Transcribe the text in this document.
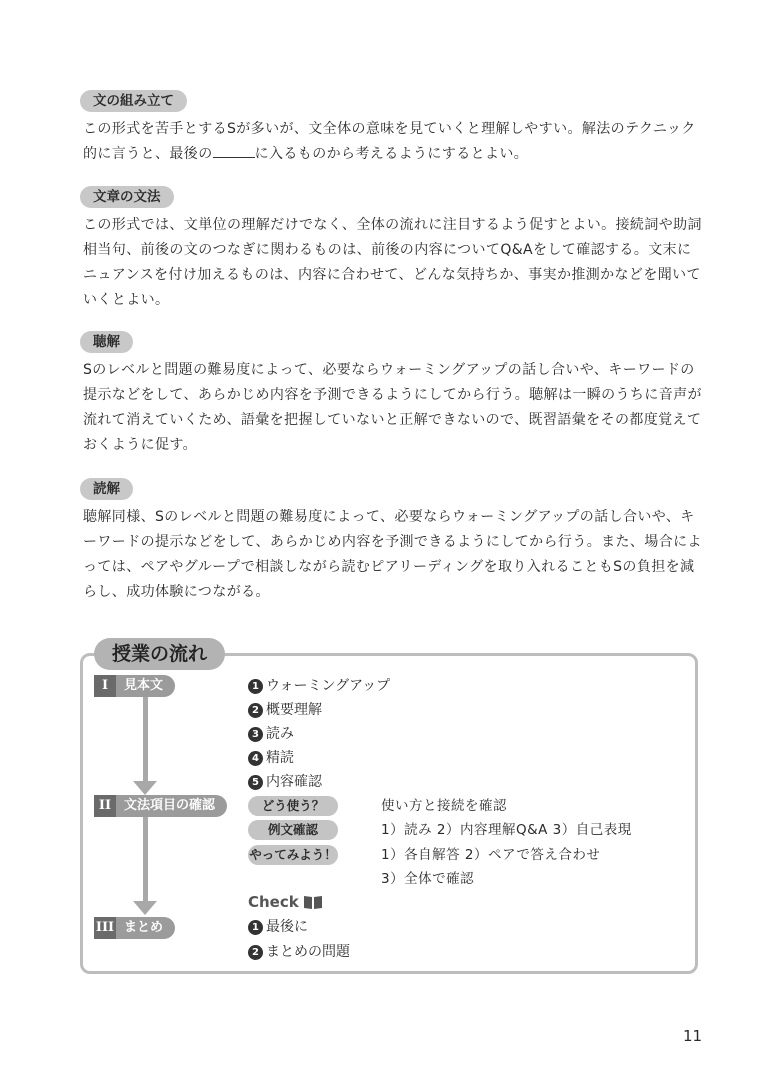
文の組み立て

この形式を苦手とするSが多いが、文全体の意味を見ていくと理解しやすい。解法のテクニック的に言うと、最後の	に入るものから考えるようにするとよい。

文章の文法

この形式では、文単位の理解だけでなく、全体の流れに注目するよう促すとよい。接続詞や助詞相当句、前後の文のつなぎに関わるものは、前後の内容についてQ&Aをして確認する。文末にニュアンスを付け加えるものは、内容に合わせて、どんな気持ちか、事実か推測かなどを聞いていくとよい。

聴解

Sのレベルと問題の難易度によって、必要ならウォーミングアップの話し合いや、キーワードの提示などをして、あらかじめ内容を予測できるようにしてから行う。聴解は一瞬のうちに音声が流れて消えていくため、語彙を把握していないと正解できないので、既習語彙をその都度覚えておくように促す。

読解

聴解同様、Sのレベルと問題の難易度によって、必要ならウォーミングアップの話し合いや、キーワードの提示などをして、あらかじめ内容を予測できるようにしてから行う。また、場合によっては、ペアやグループで相談しながら読むピアリーディングを取り入れることもSの負担を減らし、成功体験につながる。

授業の流れ
I	見本文
II 文法項目の確認
III まとめ
1 ウォーミングアップ
2 概要理解
3 読み
4 精読
5 内容確認
どう使う？	使い方と接続を確認
例文確認	1）読み 2）内容理解Q&A 3）自己表現
やってみよう！	1）各自解答 2）ペアで答え合わせ
3）全体で確認
Check
1 最後に
2 まとめの問題
11
